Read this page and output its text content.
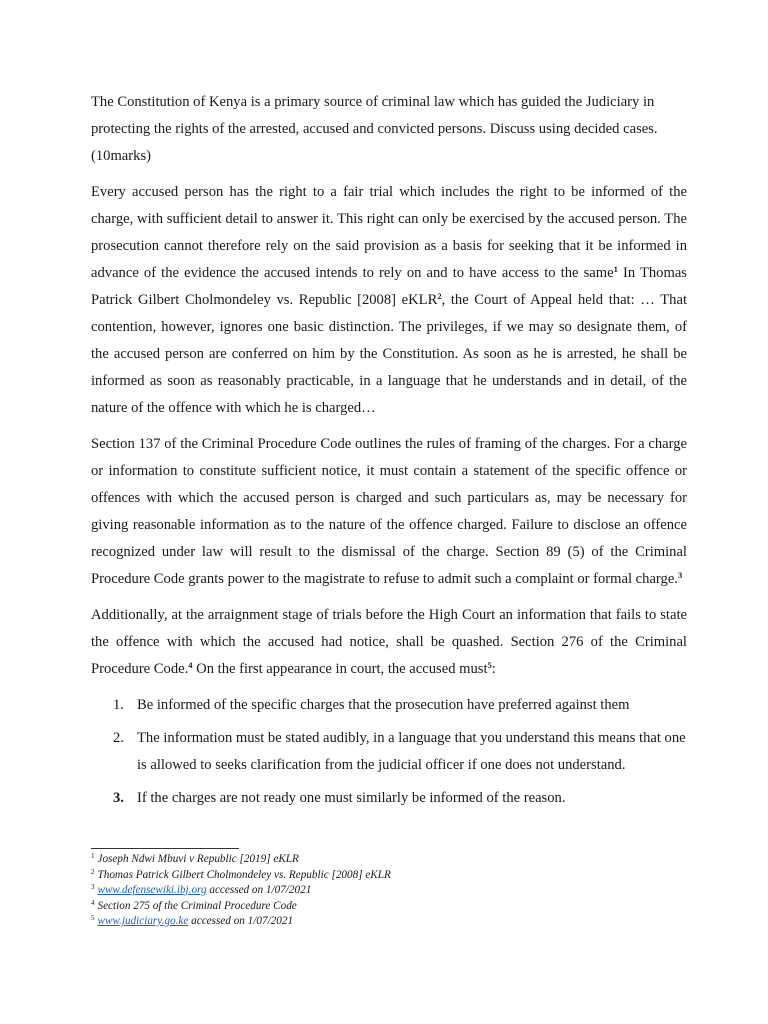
The Constitution of Kenya is a primary source of criminal law which has guided the Judiciary in protecting the rights of the arrested, accused and convicted persons. Discuss using decided cases. (10marks)

Every accused person has the right to a fair trial which includes the right to be informed of the charge, with sufficient detail to answer it. This right can only be exercised by the accused person. The prosecution cannot therefore rely on the said provision as a basis for seeking that it be informed in advance of the evidence the accused intends to rely on and to have access to the same$^1$ In Thomas Patrick Gilbert Cholmondeley vs. Republic [2008] eKLR$^2$, the Court of Appeal held that: … That contention, however, ignores one basic distinction. The privileges, if we may so designate them, of the accused person are conferred on him by the Constitution. As soon as he is arrested, he shall be informed as soon as reasonably practicable, in a language that he understands and in detail, of the nature of the offence with which he is charged…

Section 137 of the Criminal Procedure Code outlines the rules of framing of the charges. For a charge or information to constitute sufficient notice, it must contain a statement of the specific offence or offences with which the accused person is charged and such particulars as, may be necessary for giving reasonable information as to the nature of the offence charged. Failure to disclose an offence recognized under law will result to the dismissal of the charge. Section 89 (5) of the Criminal Procedure Code grants power to the magistrate to refuse to admit such a complaint or formal charge.$^3$

Additionally, at the arraignment stage of trials before the High Court an information that fails to state the offence with which the accused had notice, shall be quashed. Section 276 of the Criminal Procedure Code.$^4$ On the first appearance in court, the accused must$^5$:

1. Be informed of the specific charges that the prosecution have preferred against them
2. The information must be stated audibly, in a language that you understand this means that one is allowed to seeks clarification from the judicial officer if one does not understand.
3. If the charges are not ready one must similarly be informed of the reason.
$^1$ Joseph Ndwi Mbuvi v Republic [2019] eKLR
$^2$ Thomas Patrick Gilbert Cholmondeley vs. Republic [2008] eKLR
$^3$ www.defensewiki.ibj.org accessed on 1/07/2021
$^4$ Section 275 of the Criminal Procedure Code
$^5$ www.judiciary.go.ke accessed on 1/07/2021
